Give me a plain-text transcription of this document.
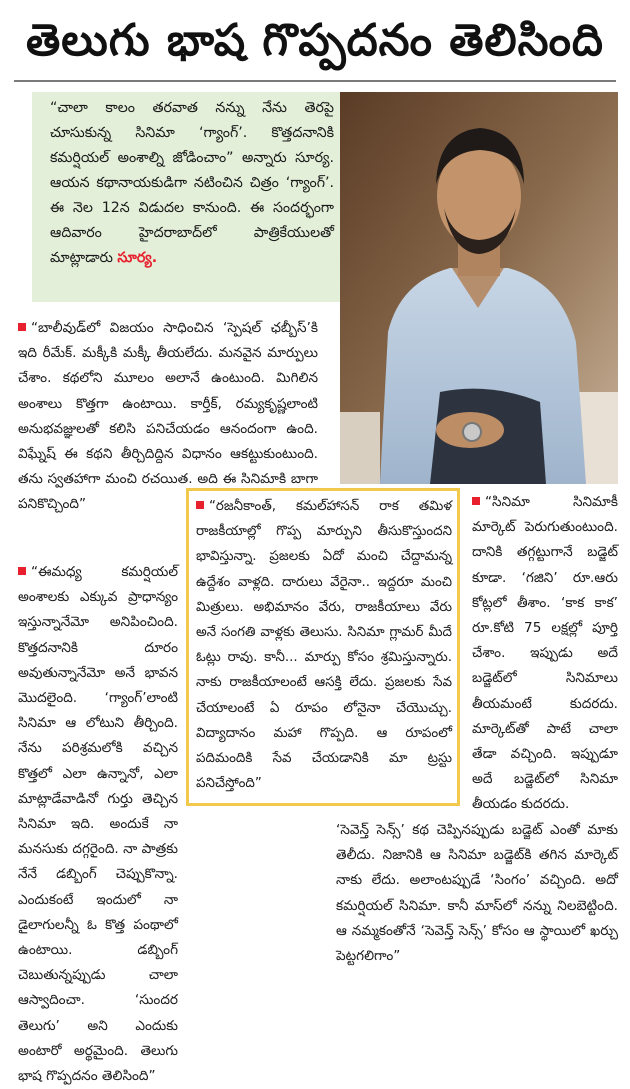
తెలుగు భాష గొప్పదనం తెలిసింది
“చాలా కాలం తరవాత నన్ను నేను తెరపై చూసుకున్న సినిమా ‘గ్యాంగ్’. కొత్తదనానికి కమర్షియల్ అంశాల్ని జోడించాం” అన్నారు సూర్య. ఆయన కథానాయకుడిగా నటించిన చిత్రం ‘గ్యాంగ్’. ఈ నెల 12న విడుదల కానుంది. ఈ సందర్భంగా ఆదివారం హైదరాబాద్‌లో పాత్రికేయులతో మాట్లాడారు సూర్య.
“బాలీవుడ్‌లో విజయం సాధించిన ‘స్పెషల్ ఛబ్బీస్’కి ఇది రీమేక్. మక్కీకి మక్కీ తీయలేదు. మనవైన మార్పులు చేశాం. కథలోని మూలం అలానే ఉంటుంది. మిగిలిన అంశాలు కొత్తగా ఉంటాయి. కార్తీక్, రమ్యకృష్ణలాంటి అనుభవజ్ఞులతో కలిసి పనిచేయడం ఆనందంగా ఉంది. విఘ్నేష్ ఈ కథని తీర్చిదిద్దిన విధానం ఆకట్టుకుంటుంది. తను స్వతహాగా మంచి రచయిత. అది ఈ సినిమాకి బాగా పనికొచ్చింది”
“ఈమధ్య కమర్షియల్ అంశాలకు ఎక్కువ ప్రాధాన్యం ఇస్తున్నానేమో అనిపించింది. కొత్తదనానికి దూరం అవుతున్నానేమో అనే భావన మొదలైంది. ‘గ్యాంగ్’లాంటి సినిమా ఆ లోటుని తీర్చింది. నేను పరిశ్రమలోకి వచ్చిన కొత్తలో ఎలా ఉన్నానో, ఎలా మాట్లాడేవాడినో గుర్తు తెచ్చిన సినిమా ఇది. అందుకే నా మనసుకు దగ్గరైంది. నా పాత్రకు నేనే డబ్బింగ్ చెప్పుకొన్నా. ఎందుకంటే ఇందులో నా డైలాగులన్నీ ఓ కొత్త పంథాలో ఉంటాయి. డబ్బింగ్ చెబుతున్నప్పుడు చాలా ఆస్వాదించా. ‘సుందర తెలుగు’ అని ఎందుకు అంటారో అర్థమైంది. తెలుగు భాష గొప్పదనం తెలిసింది”
“రజనీకాంత్, కమల్‌హాసన్ రాక తమిళ రాజకీయాల్లో గొప్ప మార్పుని తీసుకొస్తుందని భావిస్తున్నా. ప్రజలకు ఏదో మంచి చేద్దామన్న ఉద్దేశం వాళ్లది. దారులు వేరైనా.. ఇద్దరూ మంచి మిత్రులు. అభిమానం వేరు, రాజకీయాలు వేరు అనే సంగతి వాళ్లకు తెలుసు. సినిమా గ్లామర్ మీదే ఓట్లు రావు. కానీ... మార్పు కోసం శ్రమిస్తున్నారు. నాకు రాజకీయాలంటే ఆసక్తి లేదు. ప్రజలకు సేవ చేయాలంటే ఏ రూపం లోనైనా చేయొచ్చు. విద్యాదానం మహా గొప్పది. ఆ రూపంలో పదిమందికి సేవ చేయడానికి మా ట్రస్టు పనిచేస్తోంది”
“సినిమా సినిమాకీ మార్కెట్ పెరుగుతుంటుంది. దానికి తగ్గట్టుగానే బడ్జెట్ కూడా. ‘గజిని’ రూ.ఆరు కోట్లలో తీశాం. ‘కాక కాక’ రూ.కోటి 75 లక్షల్లో పూర్తి చేశాం. ఇప్పుడు అదే బడ్జెట్‌లో సినిమాలు తీయమంటే కుదరదు. మార్కెట్‌తో పాటే చాలా తేడా వచ్చింది. ఇప్పుడూ అదే బడ్జెట్‌లో సినిమా తీయడం కుదరదు.
‘సెవెన్త్ సెన్స్’ కథ చెప్పినప్పుడు బడ్జెట్ ఎంతో మాకు తెలీదు. నిజానికి ఆ సినిమా బడ్జెట్‌కి తగిన మార్కెట్ నాకు లేదు. అలాంటప్పుడే ‘సింగం’ వచ్చింది. అదో కమర్షియల్ సినిమా. కానీ మాస్‌లో నన్ను నిలబెట్టింది. ఆ నమ్మకంతోనే ‘సెవెన్త్ సెన్స్’ కోసం ఆ స్థాయిలో ఖర్చు పెట్టగలిగాం”
